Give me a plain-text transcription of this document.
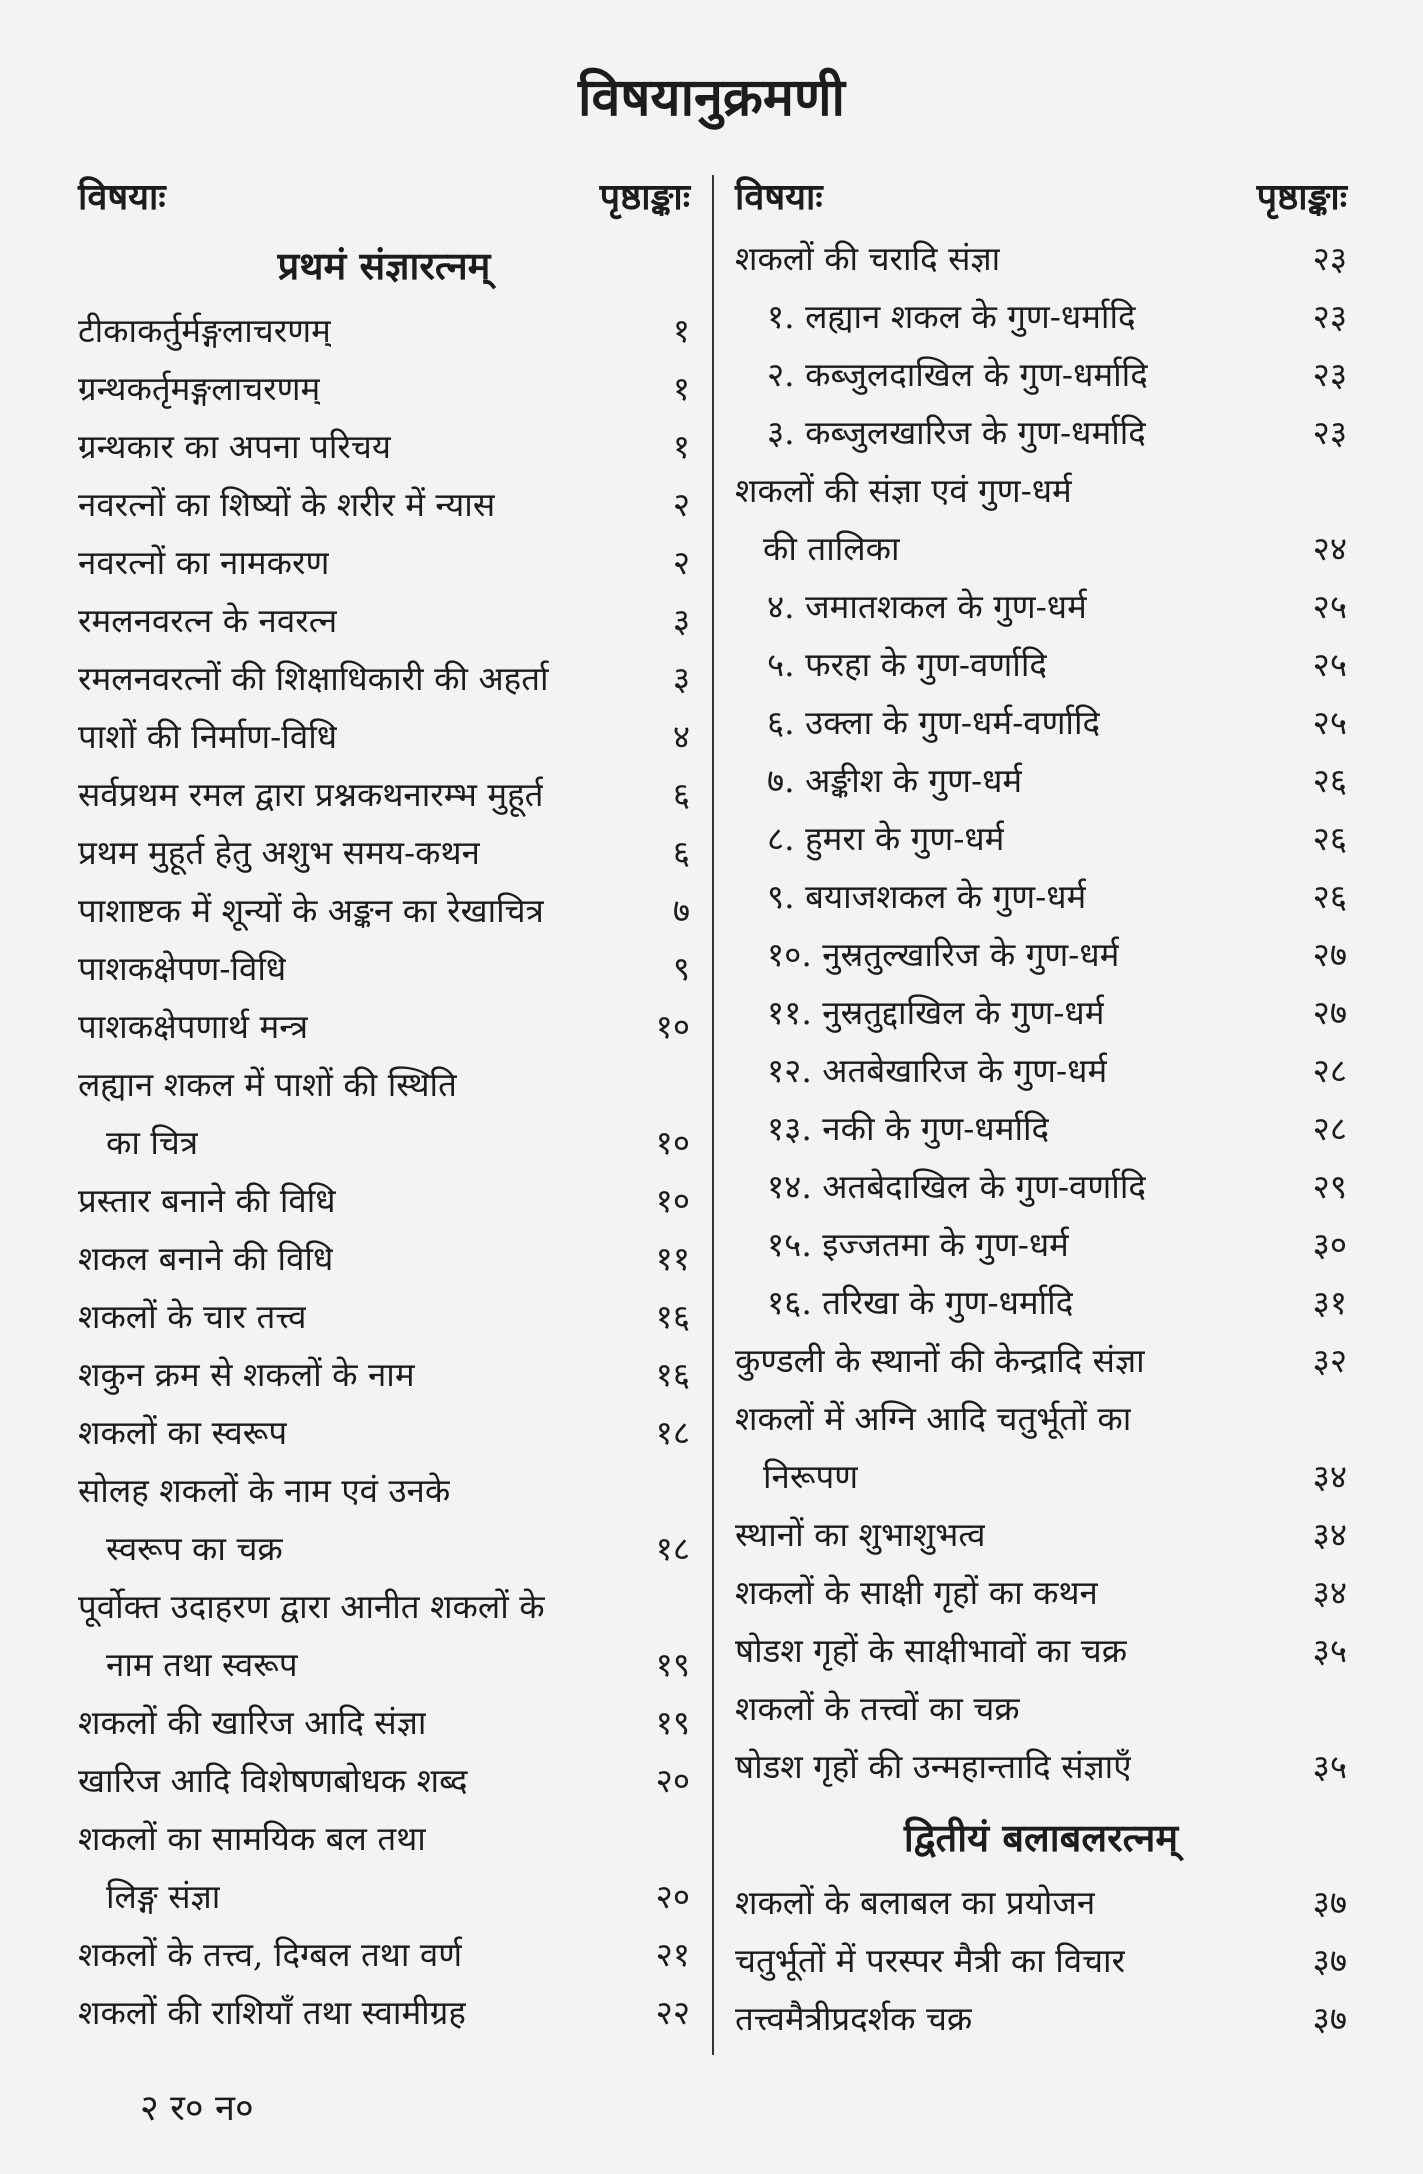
विषयानुक्रमणी
विषयाः	पृष्ठाङ्काः
प्रथमं संज्ञारत्नम्
टीकाकर्तुर्मङ्गलाचरणम्	१
ग्रन्थकर्तृमङ्गलाचरणम्	१
ग्रन्थकार का अपना परिचय	१
नवरत्नों का शिष्यों के शरीर में न्यास	२
नवरत्नों का नामकरण	२
रमलनवरत्न के नवरत्न	३
रमलनवरत्नों की शिक्षाधिकारी की अहर्ता	३
पाशों की निर्माण-विधि	४
सर्वप्रथम रमल द्वारा प्रश्नकथनारम्भ मुहूर्त	६
प्रथम मुहूर्त हेतु अशुभ समय-कथन	६
पाशाष्टक में शून्यों के अङ्कन का रेखाचित्र	७
पाशकक्षेपण-विधि	९
पाशकक्षेपणार्थ मन्त्र	१०
लह्यान शकल में पाशों की स्थिति
का चित्र	१०
प्रस्तार बनाने की विधि	१०
शकल बनाने की विधि	११
शकलों के चार तत्त्व	१६
शकुन क्रम से शकलों के नाम	१६
शकलों का स्वरूप	१८
सोलह शकलों के नाम एवं उनके
स्वरूप का चक्र	१८
पूर्वोक्त उदाहरण द्वारा आनीत शकलों के
नाम तथा स्वरूप	१९
शकलों की खारिज आदि संज्ञा	१९
खारिज आदि विशेषणबोधक शब्द	२०
शकलों का सामयिक बल तथा
लिङ्ग संज्ञा	२०
शकलों के तत्त्व, दिग्बल तथा वर्ण	२१
शकलों की राशियाँ तथा स्वामीग्रह	२२
विषयाः	पृष्ठाङ्काः
शकलों की चरादि संज्ञा	२३
१. लह्यान शकल के गुण-धर्मादि	२३
२. कब्जुलदाखिल के गुण-धर्मादि	२३
३. कब्जुलखारिज के गुण-धर्मादि	२३
शकलों की संज्ञा एवं गुण-धर्म
की तालिका	२४
४. जमातशकल के गुण-धर्म	२५
५. फरहा के गुण-वर्णादि	२५
६. उक्ला के गुण-धर्म-वर्णादि	२५
७. अङ्कीश के गुण-धर्म	२६
८. हुमरा के गुण-धर्म	२६
९. बयाजशकल के गुण-धर्म	२६
१०. नुस्रतुल्खारिज के गुण-धर्म	२७
११. नुस्रतुद्दाखिल के गुण-धर्म	२७
१२. अतबेखारिज के गुण-धर्म	२८
१३. नकी के गुण-धर्मादि	२८
१४. अतबेदाखिल के गुण-वर्णादि	२९
१५. इज्जतमा के गुण-धर्म	३०
१६. तरिखा के गुण-धर्मादि	३१
कुण्डली के स्थानों की केन्द्रादि संज्ञा	३२
शकलों में अग्नि आदि चतुर्भूतों का
निरूपण	३४
स्थानों का शुभाशुभत्व	३४
शकलों के साक्षी गृहों का कथन	३४
षोडश गृहों के साक्षीभावों का चक्र	३५
शकलों के तत्त्वों का चक्र
षोडश गृहों की उन्महान्तादि संज्ञाएँ	३५
द्वितीयं बलाबलरत्नम्
शकलों के बलाबल का प्रयोजन	३७
चतुर्भूतों में परस्पर मैत्री का विचार	३७
तत्त्वमैत्रीप्रदर्शक चक्र	३७
२ र० न०
